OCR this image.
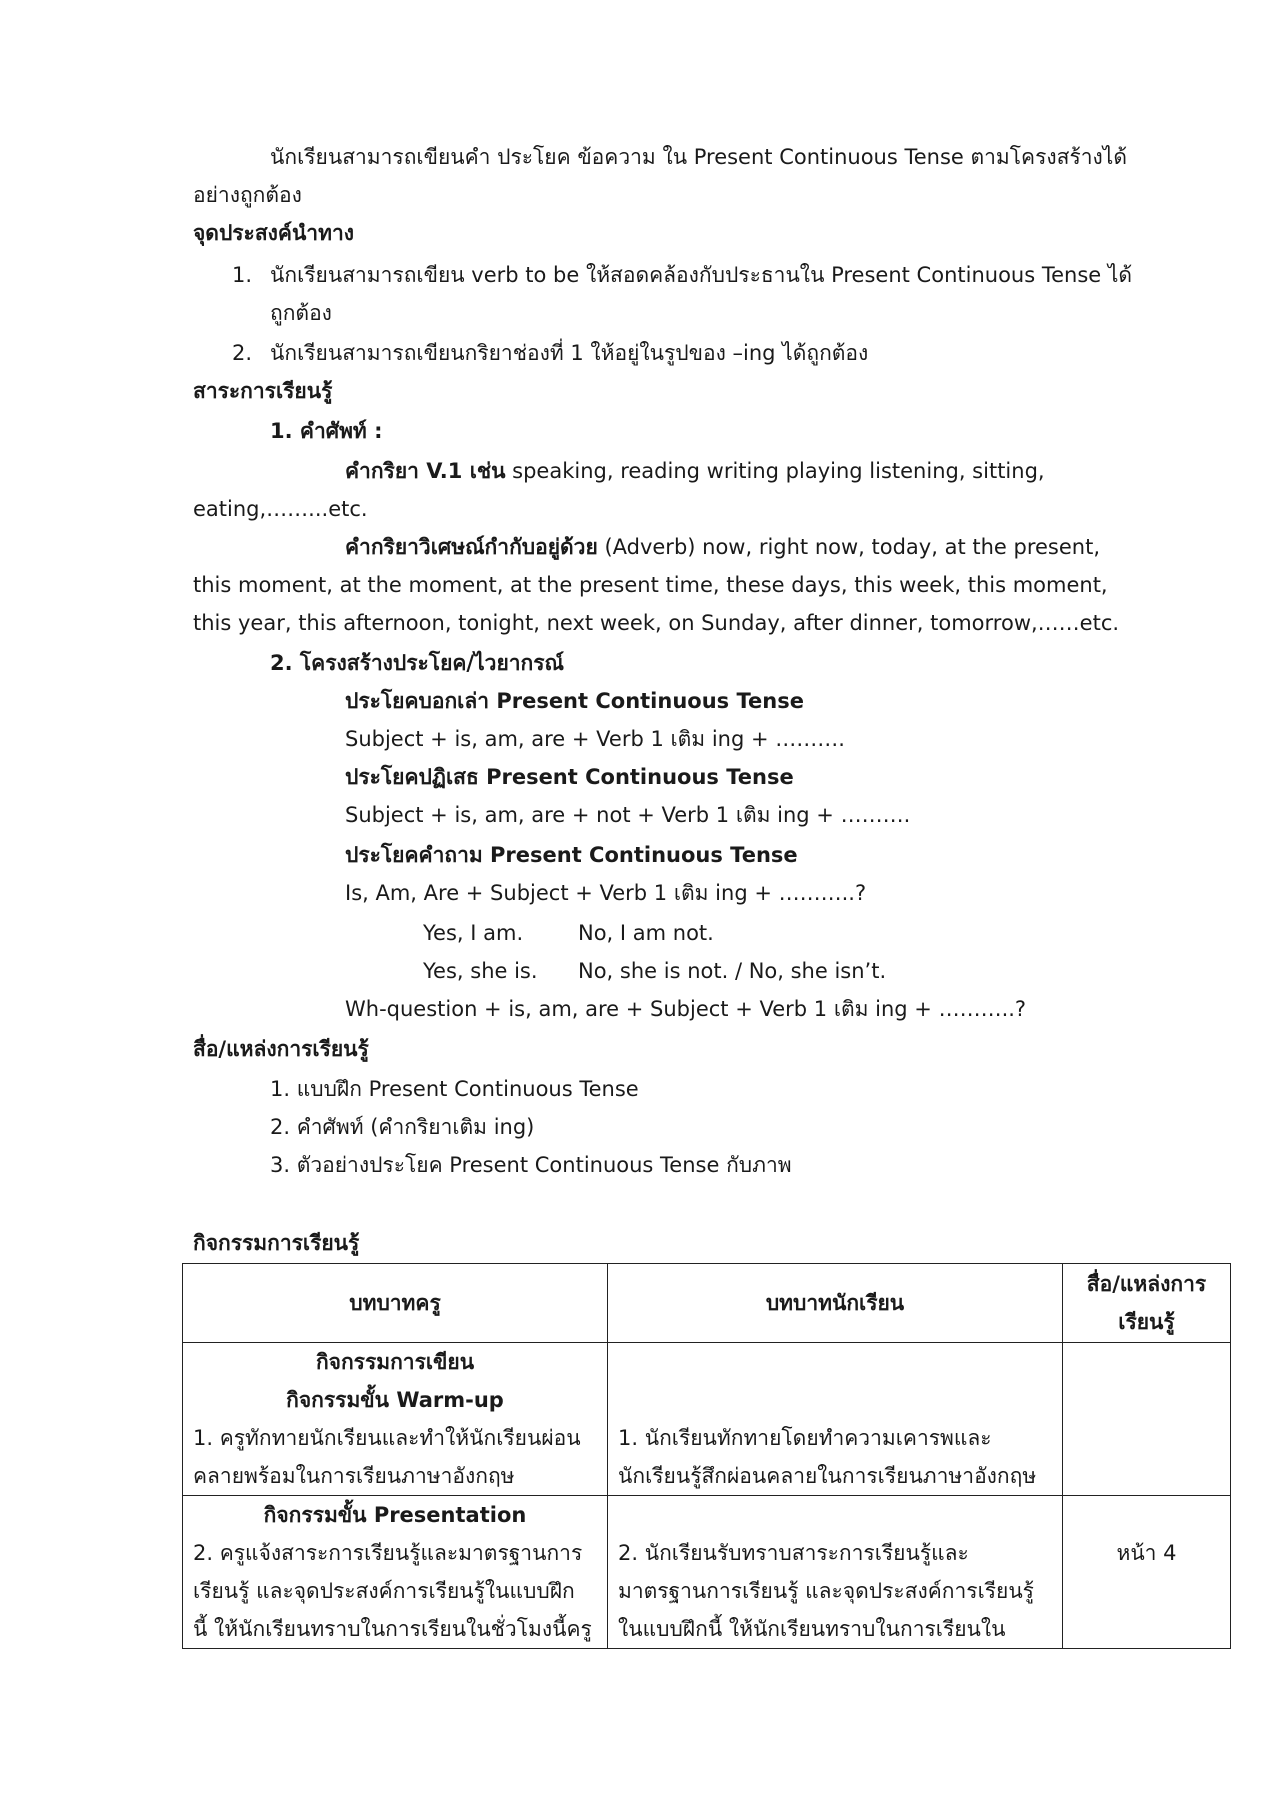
นักเรียนสามารถเขียนคำ ประโยค ข้อความ ใน Present Continuous Tense ตามโครงสร้างได้
อย่างถูกต้อง
จุดประสงค์นำทาง
1. นักเรียนสามารถเขียน verb to be ให้สอดคล้องกับประธานใน Present Continuous Tense ได้
ถูกต้อง
2. นักเรียนสามารถเขียนกริยาช่องที่ 1 ให้อยู่ในรูปของ –ing ได้ถูกต้อง
สาระการเรียนรู้
1. คำศัพท์ :
คำกริยา V.1 เช่น speaking, reading writing playing listening, sitting,
eating,……...etc.
คำกริยาวิเศษณ์กำกับอยู่ด้วย (Adverb) now, right now, today, at the present,
this moment, at the moment, at the present time, these days, this week, this moment,
this year, this afternoon, tonight, next week, on Sunday, after dinner, tomorrow,……etc.
2. โครงสร้างประโยค/ไวยากรณ์
ประโยคบอกเล่า Present Continuous Tense
Subject + is, am, are + Verb 1 เติม ing + ……….
ประโยคปฏิเสธ Present Continuous Tense
Subject + is, am, are + not + Verb 1 เติม ing + ……….
ประโยคคำถาม Present Continuous Tense
Is, Am, Are + Subject + Verb 1 เติม ing + ………..?
Yes, I am.	No, I am not.
Yes, she is. No, she is not. / No, she isn’t.
Wh-question + is, am, are + Subject + Verb 1 เติม ing + ………..?
สื่อ/แหล่งการเรียนรู้
1. แบบฝึก Present Continuous Tense
2. คำศัพท์ (คำกริยาเติม ing)
3. ตัวอย่างประโยค Present Continuous Tense กับภาพ
กิจกรรมการเรียนรู้
บทบาทครู	บทบาทนักเรียน	สื่อ/แหล่งการ
เรียนรู้

กิจกรรมการเขียน
กิจกรรมขั้น Warm-up
1. ครูทักทายนักเรียนและทำให้นักเรียนผ่อน
คลายพร้อมในการเรียนภาษาอังกฤษ	1. นักเรียนทักทายโดยทำความเคารพและ
นักเรียนรู้สึกผ่อนคลายในการเรียนภาษาอังกฤษ	

กิจกรรมขั้น Presentation
2. ครูแจ้งสาระการเรียนรู้และมาตรฐานการ
เรียนรู้ และจุดประสงค์การเรียนรู้ในแบบฝึก
นี้ ให้นักเรียนทราบในการเรียนในชั่วโมงนี้ครู	2. นักเรียนรับทราบสาระการเรียนรู้และ
มาตรฐานการเรียนรู้ และจุดประสงค์การเรียนรู้
ในแบบฝึกนี้ ให้นักเรียนทราบในการเรียนใน	หน้า 4
